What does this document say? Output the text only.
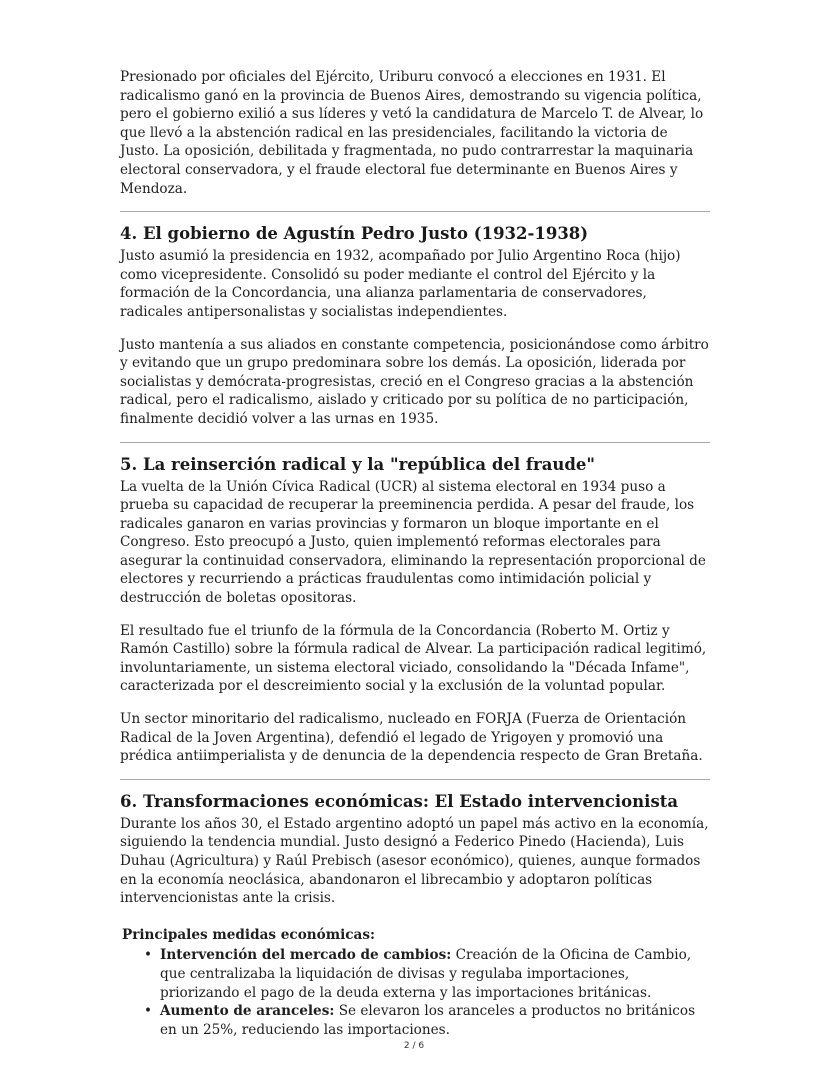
Presionado por oficiales del Ejército, Uriburu convocó a elecciones en 1931. El radicalismo ganó en la provincia de Buenos Aires, demostrando su vigencia política, pero el gobierno exilió a sus líderes y vetó la candidatura de Marcelo T. de Alvear, lo que llevó a la abstención radical en las presidenciales, facilitando la victoria de Justo. La oposición, debilitada y fragmentada, no pudo contrarrestar la maquinaria electoral conservadora, y el fraude electoral fue determinante en Buenos Aires y Mendoza.

4. El gobierno de Agustín Pedro Justo (1932-1938)

Justo asumió la presidencia en 1932, acompañado por Julio Argentino Roca (hijo) como vicepresidente. Consolidó su poder mediante el control del Ejército y la formación de la Concordancia, una alianza parlamentaria de conservadores, radicales antipersonalistas y socialistas independientes.

Justo mantenía a sus aliados en constante competencia, posicionándose como árbitro y evitando que un grupo predominara sobre los demás. La oposición, liderada por socialistas y demócrata-progresistas, creció en el Congreso gracias a la abstención radical, pero el radicalismo, aislado y criticado por su política de no participación, finalmente decidió volver a las urnas en 1935.

5. La reinserción radical y la "república del fraude"

La vuelta de la Unión Cívica Radical (UCR) al sistema electoral en 1934 puso a prueba su capacidad de recuperar la preeminencia perdida. A pesar del fraude, los radicales ganaron en varias provincias y formaron un bloque importante en el Congreso. Esto preocupó a Justo, quien implementó reformas electorales para asegurar la continuidad conservadora, eliminando la representación proporcional de electores y recurriendo a prácticas fraudulentas como intimidación policial y destrucción de boletas opositoras.

El resultado fue el triunfo de la fórmula de la Concordancia (Roberto M. Ortiz y Ramón Castillo) sobre la fórmula radical de Alvear. La participación radical legitimó, involuntariamente, un sistema electoral viciado, consolidando la "Década Infame", caracterizada por el descreimiento social y la exclusión de la voluntad popular.

Un sector minoritario del radicalismo, nucleado en FORJA (Fuerza de Orientación Radical de la Joven Argentina), defendió el legado de Yrigoyen y promovió una prédica antiimperialista y de denuncia de la dependencia respecto de Gran Bretaña.

6. Transformaciones económicas: El Estado intervencionista

Durante los años 30, el Estado argentino adoptó un papel más activo en la economía, siguiendo la tendencia mundial. Justo designó a Federico Pinedo (Hacienda), Luis Duhau (Agricultura) y Raúl Prebisch (asesor económico), quienes, aunque formados en la economía neoclásica, abandonaron el librecambio y adoptaron políticas intervencionistas ante la crisis.

Principales medidas económicas:
• Intervención del mercado de cambios: Creación de la Oficina de Cambio, que centralizaba la liquidación de divisas y regulaba importaciones, priorizando el pago de la deuda externa y las importaciones británicas.
• Aumento de aranceles: Se elevaron los aranceles a productos no británicos en un 25%, reduciendo las importaciones.
2 / 6
